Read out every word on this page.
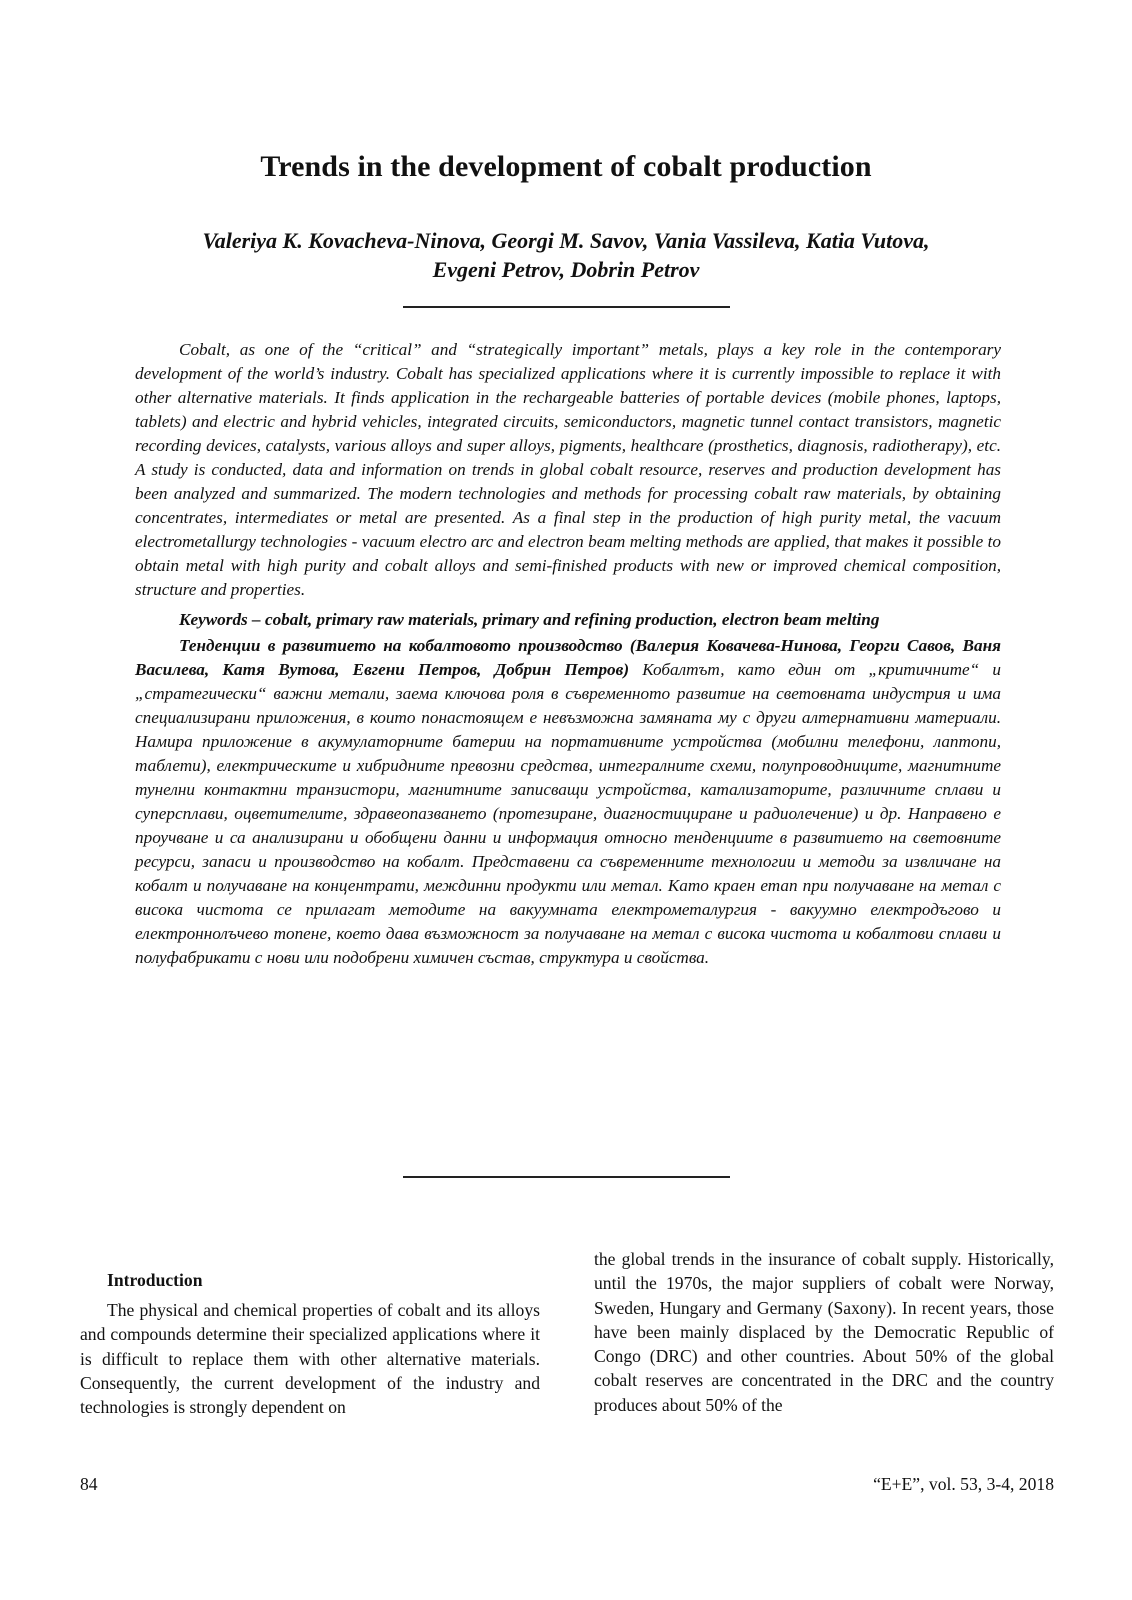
Trends in the development of cobalt production
Valeriya K. Kovacheva-Ninova, Georgi M. Savov, Vania Vassileva, Katia Vutova,
Evgeni Petrov, Dobrin Petrov

Cobalt, as one of the “critical” and “strategically important” metals, plays a key role in the contemporary development of the world’s industry. Cobalt has specialized applications where it is currently impossible to replace it with other alternative materials. It finds application in the rechargeable batteries of portable devices (mobile phones, laptops, tablets) and electric and hybrid vehicles, integrated circuits, semiconductors, magnetic tunnel contact transistors, magnetic recording devices, catalysts, various alloys and super alloys, pigments, healthcare (prosthetics, diagnosis, radiotherapy), etc. A study is conducted, data and information on trends in global cobalt resource, reserves and production development has been analyzed and summarized. The modern technologies and methods for processing cobalt raw materials, by obtaining concentrates, intermediates or metal are presented. As a final step in the production of high purity metal, the vacuum electrometallurgy technologies - vacuum electro arc and electron beam melting methods are applied, that makes it possible to obtain metal with high purity and cobalt alloys and semi-finished products with new or improved chemical composition, structure and properties.

Keywords – cobalt, primary raw materials, primary and refining production, electron beam melting

Тенденции в развитието на кобалтовото производство (Валерия Ковачева-Нинова, Георги Савов, Ваня Василева, Катя Вутова, Евгени Петров, Добрин Петров) Кобалтът, като един от „критичните“ и „стратегически“ важни метали, заема ключова роля в съвременното развитие на световната индустрия и има специализирани приложения, в които понастоящем е невъзможна замяната му с други алтернативни материали. Намира приложение в акумулаторните батерии на портативните устройства (мобилни телефони, лаптопи, таблети), електрическите и хибридните превозни средства, интегралните схеми, полупроводниците, магнитните тунелни контактни транзистори, магнитните записващи устройства, катализаторите, различните сплави и суперсплави, оцветителите, здравеопазването (протезиране, диагностициране и радиолечение) и др. Направено е проучване и са анализирани и обобщени данни и информация относно тенденциите в развитието на световните ресурси, запаси и производство на кобалт. Представени са съвременните технологии и методи за извличане на кобалт и получаване на концентрати, междинни продукти или метал. Като краен етап при получаване на метал с висока чистота се прилагат методите на вакуумната електрометалургия - вакуумно електродъгово и електроннолъчево топене, което дава възможност за получаване на метал с висока чистота и кобалтови сплави и полуфабрикати с нови или подобрени химичен състав, структура и свойства.

Introduction

The physical and chemical properties of cobalt and its alloys and compounds determine their specialized applications where it is difficult to replace them with other alternative materials. Consequently, the current development of the industry and technologies is strongly dependent on

the global trends in the insurance of cobalt supply. Historically, until the 1970s, the major suppliers of cobalt were Norway, Sweden, Hungary and Germany (Saxony). In recent years, those have been mainly displaced by the Democratic Republic of Congo (DRC) and other countries. About 50% of the global cobalt reserves are concentrated in the DRC and the country produces about 50% of the

84	“E+E”, vol. 53, 3-4, 2018
